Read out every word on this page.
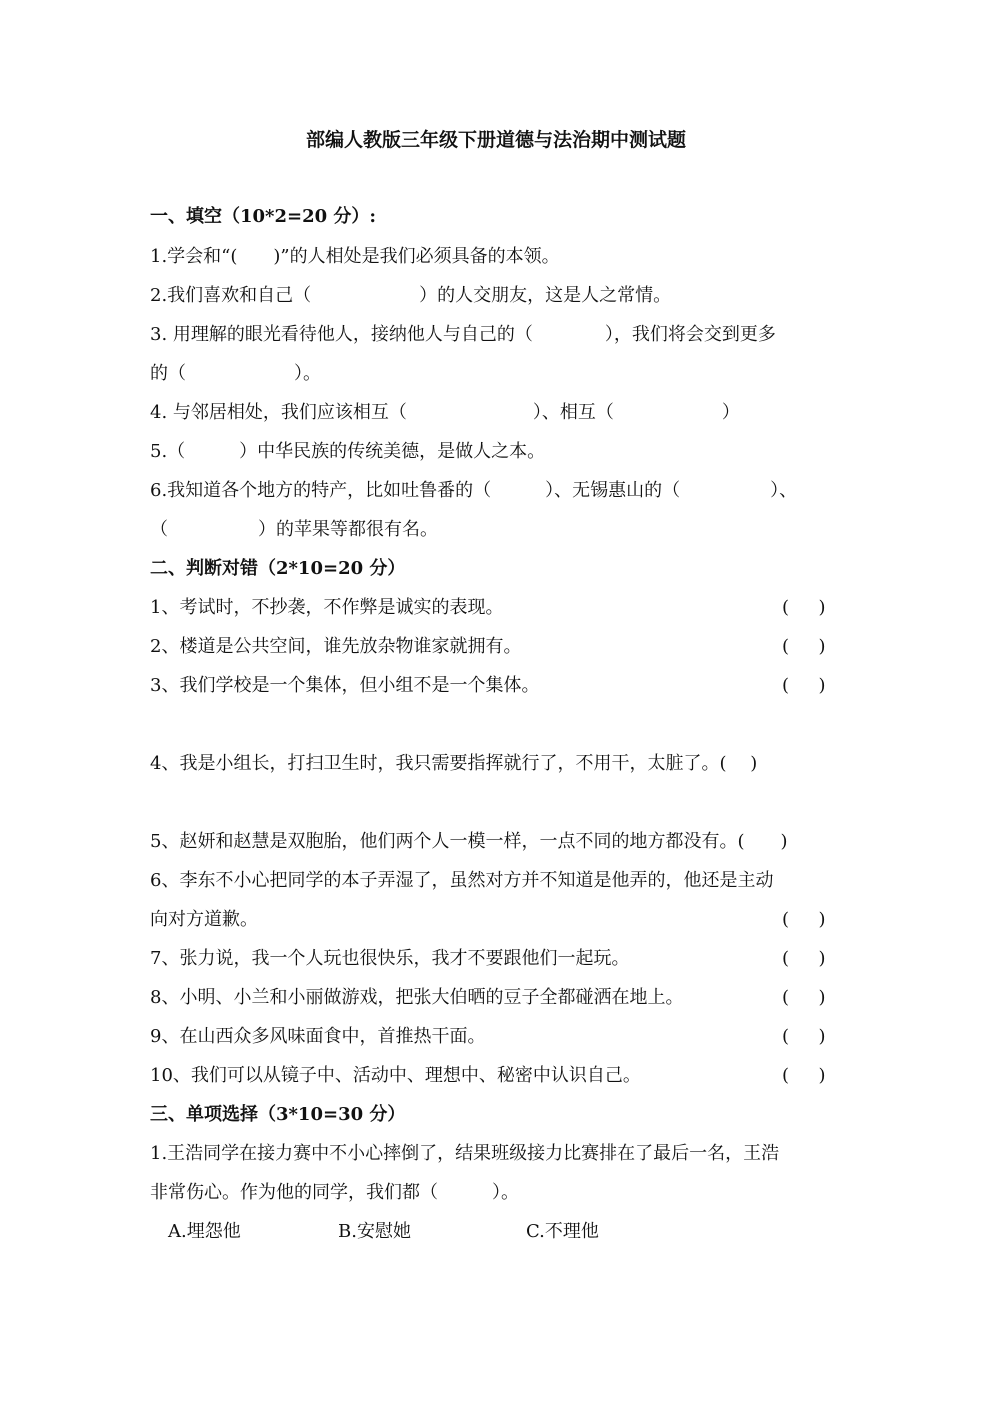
部编人教版三年级下册道德与法治期中测试题
一、填空（10*2=20 分）:
1.学会和“(　　)”的人相处是我们必须具备的本领。
2.我们喜欢和自己（　　　　　　）的人交朋友，这是人之常情。
3. 用理解的眼光看待他人，接纳他人与自己的（　　　　），我们将会交到更多
的（　　　　　　）。
4. 与邻居相处，我们应该相互（　　　　　　　）、相互（　　　　　　）
5.（　　　）中华民族的传统美德，是做人之本。
6.我知道各个地方的特产，比如吐鲁番的（　　　）、无锡惠山的（　　　　　）、
（　　　　　）的苹果等都很有名。
二、判断对错（2*10=20 分）
1、考试时，不抄袭，不作弊是诚实的表现。	(　  )
2、楼道是公共空间，谁先放杂物谁家就拥有。	(　  )
3、我们学校是一个集体，但小组不是一个集体。	(　  )
4、我是小组长，打扫卫生时，我只需要指挥就行了，不用干，太脏了。(　 )
5、赵妍和赵慧是双胞胎，他们两个人一模一样，一点不同的地方都没有。(　　)
6、李东不小心把同学的本子弄湿了，虽然对方并不知道是他弄的，他还是主动
向对方道歉。	(　  )
7、张力说，我一个人玩也很快乐，我才不要跟他们一起玩。	(　  )
8、小明、小兰和小丽做游戏，把张大伯晒的豆子全都碰洒在地上。	(　  )
9、在山西众多风味面食中，首推热干面。	(　  )
10、我们可以从镜子中、活动中、理想中、秘密中认识自己。	(　  )
三、单项选择（3*10=30 分）
1.王浩同学在接力赛中不小心摔倒了，结果班级接力比赛排在了最后一名，王浩
非常伤心。作为他的同学，我们都（　　　）。
A.埋怨他	B.安慰她	C.不理他
